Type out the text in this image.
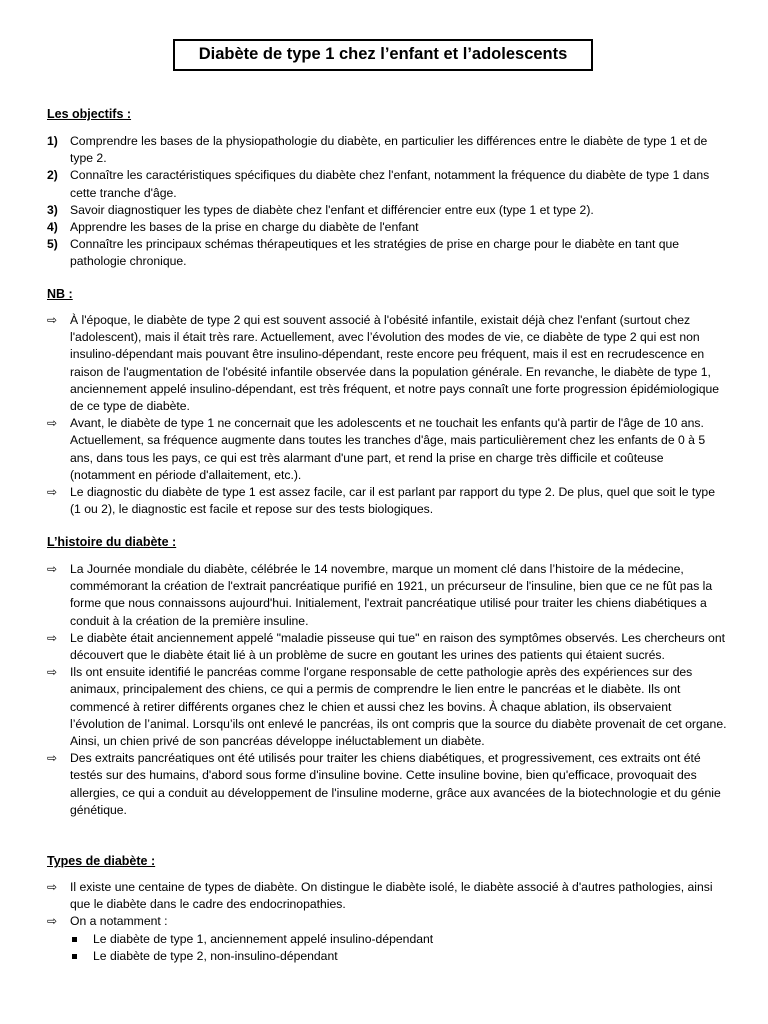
Diabète de type 1 chez l’enfant et l’adolescents
Les objectifs :
1) Comprendre les bases de la physiopathologie du diabète, en particulier les différences entre le diabète de type 1 et de type 2.
2) Connaître les caractéristiques spécifiques du diabète chez l'enfant, notamment la fréquence du diabète de type 1 dans cette tranche d'âge.
3) Savoir diagnostiquer les types de diabète chez l'enfant et différencier entre eux (type 1 et type 2).
4) Apprendre les bases de la prise en charge du diabète de l'enfant
5) Connaître les principaux schémas thérapeutiques et les stratégies de prise en charge pour le diabète en tant que pathologie chronique.
NB :
⇨ À l'époque, le diabète de type 2 qui est souvent associé à l'obésité infantile, existait déjà chez l'enfant (surtout chez l'adolescent), mais il était très rare. Actuellement, avec l’évolution des modes de vie, ce diabète de type 2 qui est non insulino-dépendant mais pouvant être insulino-dépendant, reste encore peu fréquent, mais il est en recrudescence en raison de l'augmentation de l'obésité infantile observée dans la population générale. En revanche, le diabète de type 1, anciennement appelé insulino-dépendant, est très fréquent, et notre pays connaît une forte progression épidémiologique de ce type de diabète.
⇨ Avant, le diabète de type 1 ne concernait que les adolescents et ne touchait les enfants qu'à partir de l'âge de 10 ans. Actuellement, sa fréquence augmente dans toutes les tranches d'âge, mais particulièrement chez les enfants de 0 à 5 ans, dans tous les pays, ce qui est très alarmant d'une part, et rend la prise en charge très difficile et coûteuse (notamment en période d'allaitement, etc.).
⇨ Le diagnostic du diabète de type 1 est assez facile, car il est parlant par rapport du type 2. De plus, quel que soit le type (1 ou 2), le diagnostic est facile et repose sur des tests biologiques.
L’histoire du diabète :
⇨ La Journée mondiale du diabète, célébrée le 14 novembre, marque un moment clé dans l’histoire de la médecine, commémorant la création de l'extrait pancréatique purifié en 1921, un précurseur de l'insuline, bien que ce ne fût pas la forme que nous connaissons aujourd'hui. Initialement, l'extrait pancréatique utilisé pour traiter les chiens diabétiques a conduit à la création de la première insuline.
⇨ Le diabète était anciennement appelé "maladie pisseuse qui tue" en raison des symptômes observés. Les chercheurs ont découvert que le diabète était lié à un problème de sucre en goutant les urines des patients qui étaient sucrés.
⇨ Ils ont ensuite identifié le pancréas comme l'organe responsable de cette pathologie après des expériences sur des animaux, principalement des chiens, ce qui a permis de comprendre le lien entre le pancréas et le diabète. Ils ont commencé à retirer différents organes chez le chien et aussi chez les bovins. À chaque ablation, ils observaient l’évolution de l’animal. Lorsqu’ils ont enlevé le pancréas, ils ont compris que la source du diabète provenait de cet organe. Ainsi, un chien privé de son pancréas développe inéluctablement un diabète.
⇨ Des extraits pancréatiques ont été utilisés pour traiter les chiens diabétiques, et progressivement, ces extraits ont été testés sur des humains, d'abord sous forme d'insuline bovine. Cette insuline bovine, bien qu'efficace, provoquait des allergies, ce qui a conduit au développement de l'insuline moderne, grâce aux avancées de la biotechnologie et du génie génétique.
Types de diabète :
⇨ Il existe une centaine de types de diabète. On distingue le diabète isolé, le diabète associé à d'autres pathologies, ainsi que le diabète dans le cadre des endocrinopathies.
⇨ On a notamment :
Le diabète de type 1, anciennement appelé insulino-dépendant
Le diabète de type 2, non-insulino-dépendant
